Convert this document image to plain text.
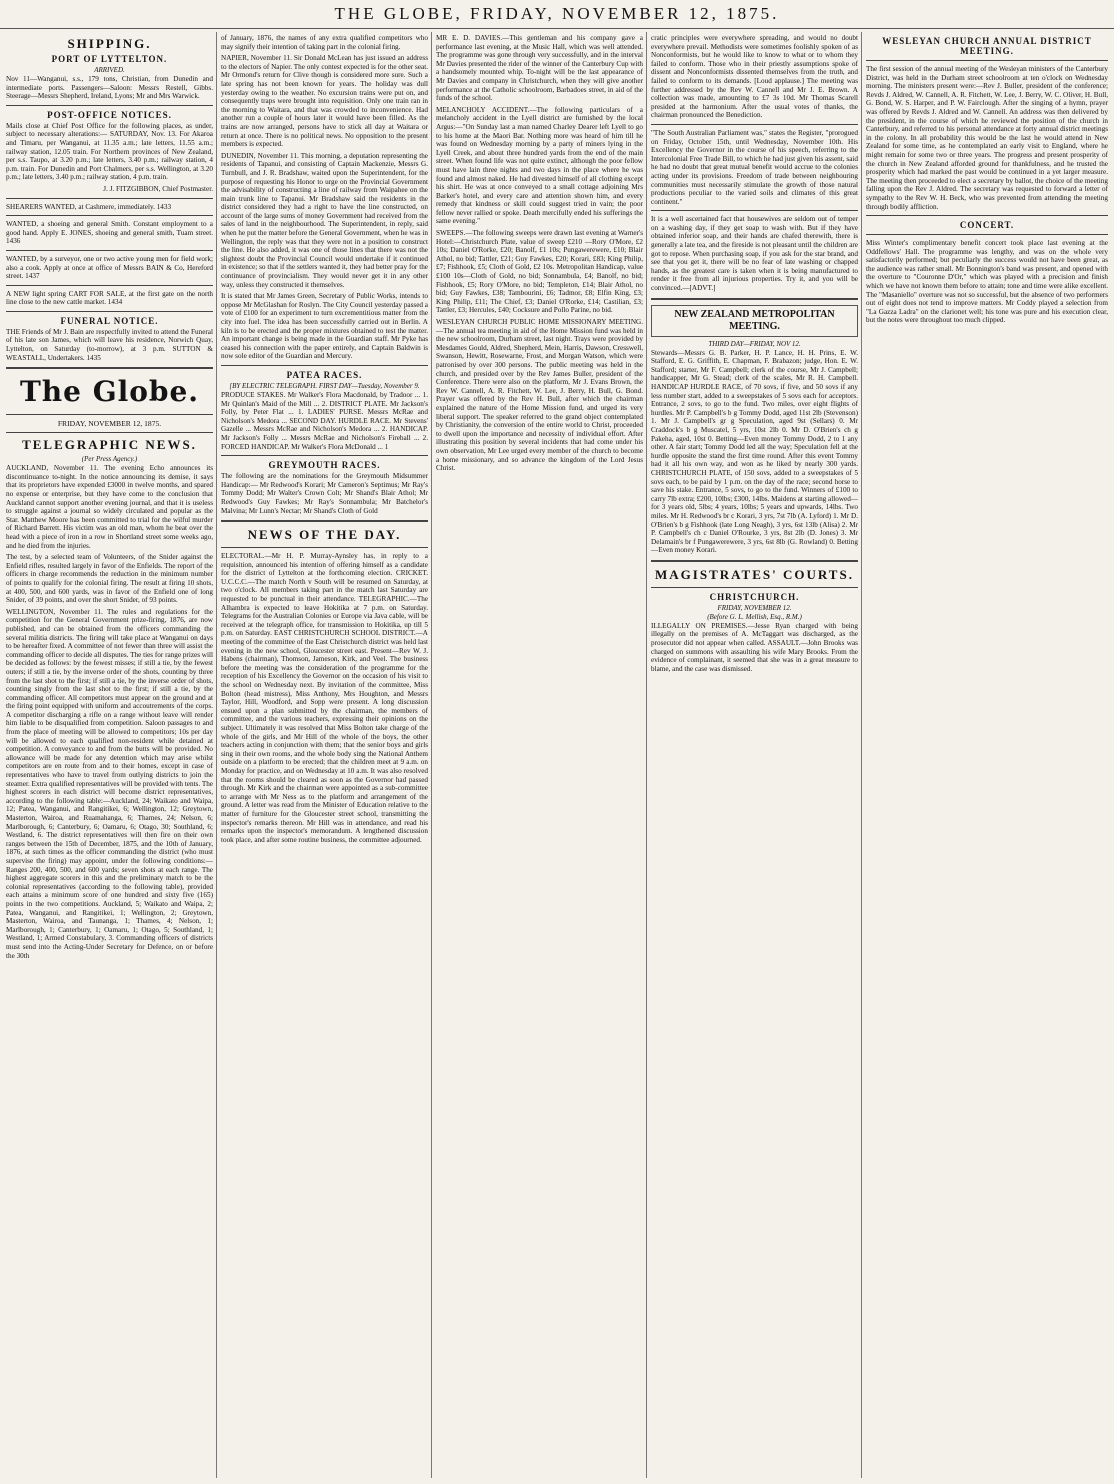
THE GLOBE, FRIDAY, NOVEMBER 12, 1875.
SHIPPING.
PORT OF LYTTELTON.
ARRIVED.

Nov 11—Wanganui, s.s., 179 tons, Christian, from Dunedin and intermediate ports. Passengers—Saloon: Messrs Restell, Gibbs. Steerage—Messrs Shepherd, Ireland, Lyons; Mr and Mrs Warwick.

POST-OFFICE NOTICES.

Mails close at Chief Post Office for the following places, as under, subject to necessary alterations:— SATURDAY, Nov. 13. For Akaroa and Timaru, per Wanganui, at 11.35 a.m.; late letters, 11.55 a.m.; railway station, 12.05 train. For Northern provinces of New Zealand, per s.s. Taupo, at 3.20 p.m.; late letters, 3.40 p.m.; railway station, 4 p.m. train. For Dunedin and Port Chalmers, per s.s. Wellington, at 3.20 p.m.; late letters, 3.40 p.m.; railway station, 4 p.m. train.

J. J. FITZGIBBON, Chief Postmaster.

SHEARERS WANTED, at Cashmere, immediately. 1433

WANTED, a shoeing and general Smith. Constant employment to a good hand. Apply E. JONES, shoeing and general smith, Tuam street. 1436

WANTED, by a surveyor, one or two active young men for field work; also a cook. Apply at once at office of Messrs BAIN & Co, Hereford street. 1437

A NEW light spring CART FOR SALE, at the first gate on the north line close to the new cattle market. 1434

FUNERAL NOTICE.

THE Friends of Mr J. Bain are respectfully invited to attend the Funeral of his late son James, which will leave his residence, Norwich Quay, Lyttelton, on Saturday (to-morrow), at 3 p.m. SUTTON & WEASTALL, Undertakers. 1435

The Globe.
FRIDAY, NOVEMBER 12, 1875.
TELEGRAPHIC NEWS.
(Per Press Agency.)

AUCKLAND, November 11. The evening Echo announces its discontinuance to-night. In the notice announcing its demise, it says that its proprietors have expended £3000 in twelve months, and spared no expense or enterprise, but they have come to the conclusion that Auckland cannot support another evening journal, and that it is useless to struggle against a journal so widely circulated and popular as the Star. Matthew Moore has been committed to trial for the wilful murder of Richard Barrett. His victim was an old man, whom he beat over the head with a piece of iron in a row in Shortland street some weeks ago, and he died from the injuries.

The test, by a selected team of Volunteers, of the Snider against the Enfield rifles, resulted largely in favor of the Enfields. The report of the officers in charge recommends the reduction in the minimum number of points to qualify for the colonial firing. The result at firing 10 shots, at 400, 500, and 600 yards, was in favor of the Enfield one of long Snider, of 39 points, and over the short Snider, of 93 points.

WELLINGTON, November 11. The rules and regulations for the competition for the General Government prize-firing, 1876, are now published, and can be obtained from the officers commanding the several militia districts. The firing will take place at Wanganui on days to be hereafter fixed. A committee of not fewer than three will assist the commanding officer to decide all disputes. The ties for range prizes will be decided as follows: by the fewest misses; if still a tie, by the fewest outers; if still a tie, by the inverse order of the shots, counting by three from the last shot to the first; if still a tie, by the inverse order of shots, counting singly from the last shot to the first; if still a tie, by the commanding officer. All competitors must appear on the ground and at the firing point equipped with uniform and accoutrements of the corps. A competitor discharging a rifle on a range without leave will render him liable to be disqualified from competition. Saloon passages to and from the place of meeting will be allowed to competitors; 10s per day will be allowed to each qualified non-resident while detained at competition. A conveyance to and from the butts will be provided. No allowance will be made for any detention which may arise whilst competitors are en route from and to their homes, except in case of representatives who have to travel from outlying districts to join the steamer. Extra qualified representatives will be provided with tents. The highest scorers in each district will become district representatives, according to the following table:—Auckland, 24; Waikato and Waipa, 12; Patea, Wanganui, and Rangitikei, 6; Wellington, 12; Greytown, Masterton, Wairoa, and Ruamahanga, 6; Thames, 24; Nelson, 6; Marlborough, 6; Canterbury, 6; Oamaru, 6; Otago, 30; Southland, 6; Westland, 6. The district representatives will then fire on their own ranges between the 15th of December, 1875, and the 10th of January, 1876, at such times as the officer commanding the district (who must supervise the firing) may appoint, under the following conditions:—Ranges 200, 400, 500, and 600 yards; seven shots at each range. The highest aggregate scorers in this and the preliminary match to be the colonial representatives (according to the following table), provided each attains a minimum score of one hundred and sixty five (165) points in the two competitions. Auckland, 5; Waikato and Waipa, 2; Patea, Wanganui, and Rangitikei, 1; Wellington, 2; Greytown, Masterton, Wairoa, and Taunanga, 1; Thames, 4; Nelson, 1; Marlborough, 1; Canterbury, 1; Oamaru, 1; Otago, 5; Southland, 1; Westland, 1; Armed Constabulary, 3. Commanding officers of districts must send into the Acting-Under Secretary for Defence, on or before the 30th

of January, 1876, the names of any extra qualified competitors who may signify their intention of taking part in the colonial firing.

NAPIER, November 11. Sir Donald McLean has just issued an address to the electors of Napier. The only contest expected is for the other seat. Mr Ormond's return for Clive though is considered more sure. Such a late spring has not been known for years. The holiday was dull yesterday owing to the weather. No excursion trains were put on, and consequently traps were brought into requisition. Only one train ran in the morning to Waitara, and that was crowded to inconvenience. Had another run a couple of hours later it would have been filled. As the trains are now arranged, persons have to stick all day at Waitara or return at once. There is no political news. No opposition to the present members is expected.

DUNEDIN, November 11. This morning, a deputation representing the residents of Tapanui, and consisting of Captain Mackenzie, Messrs G. Turnbull, and J. R. Bradshaw, waited upon the Superintendent, for the purpose of requesting his Honor to urge on the Provincial Government the advisability of constructing a line of railway from Waipahee on the main trunk line to Tapanui. Mr Bradshaw said the residents in the district considered they had a right to have the line constructed, on account of the large sums of money Government had received from the sales of land in the neighbourhood. The Superintendent, in reply, said when he put the matter before the General Government, when he was in Wellington, the reply was that they were not in a position to construct the line. He also added, it was one of those lines that there was not the slightest doubt the Provincial Council would undertake if it continued in existence; so that if the settlers wanted it, they had better pray for the continuance of provincialism. They would never get it in any other way, unless they constructed it themselves.

It is stated that Mr James Green, Secretary of Public Works, intends to oppose Mr McGlashan for Roslyn. The City Council yesterday passed a vote of £100 for an experiment to turn excrementitious matter from the city into fuel. The idea has been successfully carried out in Berlin. A kiln is to be erected and the proper mixtures obtained to test the matter. An important change is being made in the Guardian staff. Mr Pyke has ceased his connection with the paper entirely, and Captain Baldwin is now sole editor of the Guardian and Mercury.

PATEA RACES.
[BY ELECTRIC TELEGRAPH. FIRST DAY—Tuesday, November 9.

PRODUCE STAKES. Mr Walker's Flora Macdonald, by Tradoor ... 1. Mr Quinlan's Maid of the Mill ... 2. DISTRICT PLATE. Mr Jackson's Folly, by Peter Flat ... 1. LADIES' PURSE. Messrs McRae and Nicholson's Medora ... SECOND DAY. HURDLE RACE. Mr Stevens' Gazelle ... Messrs McRae and Nicholson's Medora ... 2. HANDICAP. Mr Jackson's Folly ... Messrs McRae and Nicholson's Fireball ... 2. FORCED HANDICAP. Mr Walker's Flora McDonald ... 1

GREYMOUTH RACES.

The following are the nominations for the Greymouth Midsummer Handicap:— Mr Redwood's Korari; Mr Cameron's Septimus; Mr Ray's Tommy Dodd; Mr Walter's Crown Colt; Mr Shand's Blair Athol; Mr Redwood's Guy Fawkes; Mr Ray's Sonnambula; Mr Batchelor's Malvina; Mr Lunn's Nectar; Mr Shand's Cloth of Gold

NEWS OF THE DAY.

ELECTORAL.—Mr H. P. Murray-Aynsley has, in reply to a requisition, announced his intention of offering himself as a candidate for the district of Lyttelton at the forthcoming election. CRICKET. U.C.C.C.—The match North v South will be resumed on Saturday, at two o'clock. All members taking part in the match last Saturday are requested to be punctual in their attendance. TELEGRAPHIC.—The Alhambra is expected to leave Hokitika at 7 p.m. on Saturday. Telegrams for the Australian Colonies or Europe via Java cable, will be received at the telegraph office, for transmission to Hokitika, up till 5 p.m. on Saturday. EAST CHRISTCHURCH SCHOOL DISTRICT.—A meeting of the committee of the East Christchurch district was held last evening in the new school, Gloucester street east. Present—Rev W. J. Habens (chairman), Thomson, Jameson, Kirk, and Veel. The business before the meeting was the consideration of the programme for the reception of his Excellency the Governor on the occasion of his visit to the school on Wednesday next. By invitation of the committee, Miss Bolton (head mistress), Miss Anthony, Mrs Houghton, and Messrs Taylor, Hill, Woodford, and Sopp were present. A long discussion ensued upon a plan submitted by the chairman, the members of committee, and the various teachers, expressing their opinions on the subject. Ultimately it was resolved that Miss Bolton take charge of the whole of the girls, and Mr Hill of the whole of the boys, the other teachers acting in conjunction with them; that the senior boys and girls sing in their own rooms, and the whole body sing the National Anthem outside on a platform to be erected; that the children meet at 9 a.m. on Monday for practice, and on Wednesday at 10 a.m. It was also resolved that the rooms should be cleared as soon as the Governor had passed through. Mr Kirk and the chairman were appointed as a sub-committee to arrange with Mr Ness as to the platform and arrangement of the ground. A letter was read from the Minister of Education relative to the matter of furniture for the Gloucester street school, transmitting the inspector's remarks thereon. Mr Hill was in attendance, and read his remarks upon the inspector's memorandum. A lengthened discussion took place, and after some routine business, the committee adjourned.

MR E. D. DAVIES.—This gentleman and his company gave a performance last evening, at the Music Hall, which was well attended. The programme was gone through very successfully, and in the interval Mr Davies presented the rider of the winner of the Canterbury Cup with a handsomely mounted whip. To-night will be the last appearance of Mr Davies and company in Christchurch, when they will give another performance at the Catholic schoolroom, Barbadoes street, in aid of the funds of the school.

MELANCHOLY ACCIDENT.—The following particulars of a melancholy accident in the Lyell district are furnished by the local Argus:—"On Sunday last a man named Charley Dearer left Lyell to go to his home at the Maori Bar. Nothing more was heard of him till he was found on Wednesday morning by a party of miners lying in the Lyell Creek, and about three hundred yards from the end of the main street. When found life was not quite extinct, although the poor fellow must have lain three nights and two days in the place where he was found and almost naked. He had divested himself of all clothing except his shirt. He was at once conveyed to a small cottage adjoining Mrs Barker's hotel, and every care and attention shown him, and every remedy that kindness or skill could suggest tried in vain; the poor fellow never rallied or spoke. Death mercifully ended his sufferings the same evening."

SWEEPS.—The following sweeps were drawn last evening at Warner's Hotel:—Christchurch Plate, value of sweep £210 —Rory O'More, £2 10s; Daniel O'Rorke, £20; Banolf, £1 10s; Pungawerewere, £10; Blair Athol, no bid; Tattler, £21; Guy Fawkes, £20; Korari, £83; King Philip, £7; Fishhook, £5; Cloth of Gold, £2 10s. Metropolitan Handicap, value £100 10s—Cloth of Gold, no bid; Sonnambula, £4; Banolf, no bid; Fishhook, £5; Rory O'More, no bid; Templeton, £14; Blair Athol, no bid; Guy Fawkes, £38; Tambourini, £6; Tadmor, £8; Elfin King, £3; King Philip, £11; The Chief, £3; Daniel O'Rorke, £14; Castilian, £3; Tattler, £3; Hercules, £40; Cocksure and Pollo Parine, no bid.

WESLEYAN CHURCH PUBLIC HOME MISSIONARY MEETING.—The annual tea meeting in aid of the Home Mission fund was held in the new schoolroom, Durham street, last night. Trays were provided by Mesdames Gould, Aldred, Shepherd, Mein, Harris, Dawson, Cresswell, Swanson, Hewitt, Rosewarne, Frost, and Morgan Watson, which were patronised by over 300 persons. The public meeting was held in the church, and presided over by the Rev James Buller, president of the Conference. There were also on the platform, Mr J. Evans Brown, the Rev W. Cannell, A. R. Fitchett, W. Lee, J. Berry, H. Bull, G. Bond. Prayer was offered by the Rev H. Bull, after which the chairman explained the nature of the Home Mission fund, and urged its very liberal support. The speaker referred to the grand object contemplated by Christianity, the conversion of the entire world to Christ, proceeded to dwell upon the importance and necessity of individual effort. After illustrating this position by several incidents that had come under his own observation, Mr Lee urged every member of the church to become a home missionary, and so advance the kingdom of the Lord Jesus Christ.

cratic principles were everywhere spreading, and would no doubt everywhere prevail. Methodists were sometimes foolishly spoken of as Nonconformists, but he would like to know to what or to whom they failed to conform. Those who in their priestly assumptions spoke of dissent and Nonconformists dissented themselves from the truth, and failed to conform to its demands. [Loud applause.] The meeting was further addressed by the Rev W. Cannell and Mr J. E. Brown. A collection was made, amounting to £7 3s 10d. Mr Thomas Scarell presided at the harmonium. After the usual votes of thanks, the chairman pronounced the Benediction.

"The South Australian Parliament was," states the Register, "prorogued on Friday, October 15th, until Wednesday, November 10th. His Excellency the Governor in the course of his speech, referring to the Intercolonial Free Trade Bill, to which he had just given his assent, said he had no doubt that great mutual benefit would accrue to the colonies acting under its provisions. Freedom of trade between neighbouring communities must necessarily stimulate the growth of those natural productions peculiar to the varied soils and climates of this great continent."

It is a well ascertained fact that housewives are seldom out of temper on a washing day, if they get soap to wash with. But if they have obtained inferior soap, and their hands are chafed therewith, there is generally a late tea, and the fireside is not pleasant until the children are got to repose. When purchasing soap, if you ask for the star brand, and see that you get it, there will be no fear of late washing or chapped hands, as the greatest care is taken when it is being manufactured to render it free from all injurious properties. Try it, and you will be convinced.—[ADVT.]

NEW ZEALAND METROPOLITAN MEETING.
THIRD DAY—FRIDAY, NOV 12.

Stewards—Messrs G. B. Parker, H. P. Lance, H. H. Prins, E. W. Stafford, E. G. Griffith, E. Chapman, F. Brabazon; judge, Hon. E. W. Stafford; starter, Mr F. Campbell; clerk of the course, Mr J. Campbell; handicapper, Mr G. Stead; clerk of the scales, Mr R. H. Campbell. HANDICAP HURDLE RACE, of 70 sovs, if five, and 50 sovs if any less number start, added to a sweepstakes of 5 sovs each for acceptors. Entrance, 2 sovs, to go to the fund. Two miles, over eight flights of hurdles. Mr P. Campbell's b g Tommy Dodd, aged 11st 2lb (Stevenson) 1. Mr J. Campbell's gr g Speculation, aged 9st (Sellars) 0. Mr Craddock's b g Muscatel, 5 yrs, 10st 2lb 0. Mr D. O'Brien's ch g Pakeha, aged, 10st 0. Betting—Even money Tommy Dodd, 2 to 1 any other. A fair start; Tommy Dodd led all the way; Speculation fell at the hurdle opposite the stand the first time round. After this event Tommy had it all his own way, and won as he liked by nearly 300 yards. CHRISTCHURCH PLATE, of 150 sovs, added to a sweepstakes of 5 sovs each, to be paid by 1 p.m. on the day of the race; second horse to save his stake. Entrance, 5 sovs, to go to the fund. Winners of £100 to carry 7lb extra; £200, 10lbs; £300, 14lbs. Maidens at starting allowed—for 3 years old, 5lbs; 4 years, 10lbs; 5 years and upwards, 14lbs. Two miles. Mr H. Redwood's br c Korari, 3 yrs, 7st 7lb (A. Lyford) 1. Mr D. O'Brien's b g Fishhook (late Long Neagh), 3 yrs, 6st 13lb (Alisa) 2. Mr P. Campbell's ch c Daniel O'Rourke, 3 yrs, 8st 2lb (D. Jones) 3. Mr Delamain's br f Pungawerewere, 3 yrs, 6st 8lb (G. Rowland) 0. Betting—Even money Korari.

MAGISTRATES' COURTS.
CHRISTCHURCH.
FRIDAY, NOVEMBER 12.
(Before G. L. Mellish, Esq., R.M.)

ILLEGALLY ON PREMISES.—Jesse Ryan charged with being illegally on the premises of A. McTaggart was discharged, as the prosecutor did not appear when called. ASSAULT.—John Brooks was charged on summons with assaulting his wife Mary Brooks. From the evidence of complainant, it seemed that she was in a great measure to blame, and the case was dismissed.

WESLEYAN CHURCH ANNUAL DISTRICT MEETING.

The first session of the annual meeting of the Wesleyan ministers of the Canterbury District, was held in the Durham street schoolroom at ten o'clock on Wednesday morning. The ministers present were:—Rev J. Buller, president of the conference; Revds J. Aldred, W. Cannell, A. R. Fitchett, W. Lee, J. Berry, W. C. Oliver, H. Bull, G. Bond, W. S. Harper, and P. W. Fairclough. After the singing of a hymn, prayer was offered by Revds J. Aldred and W. Cannell. An address was then delivered by the president, in the course of which he reviewed the position of the church in Canterbury, and referred to his personal attendance at forty annual district meetings in the colony. In all probability this would be the last he would attend in New Zealand for some time, as he contemplated an early visit to England, where he might remain for some two or three years. The progress and present prosperity of the church in New Zealand afforded ground for thankfulness, and he trusted the prosperity which had marked the past would be continued in a yet larger measure. The meeting then proceeded to elect a secretary by ballot, the choice of the meeting falling upon the Rev J. Aldred. The secretary was requested to forward a letter of sympathy to the Rev W. H. Beck, who was prevented from attending the meeting through bodily affliction.

CONCERT.

Miss Winter's complimentary benefit concert took place last evening at the Oddfellows' Hall. The programme was lengthy, and was on the whole very satisfactorily performed; but peculiarly the success would not have been great, as the audience was rather small. Mr Bonnington's band was present, and opened with the overture to "Couronne D'Or," which was played with a precision and finish which we have not known them before to attain; tone and time were alike excellent. The "Masaniello" overture was not so successful, but the absence of two performers out of eight does not tend to improve matters. Mr Coddy played a selection from "La Gazza Ladra" on the clarionet well; his tone was pure and his execution clear, but the notes were throughout too much clipped.
